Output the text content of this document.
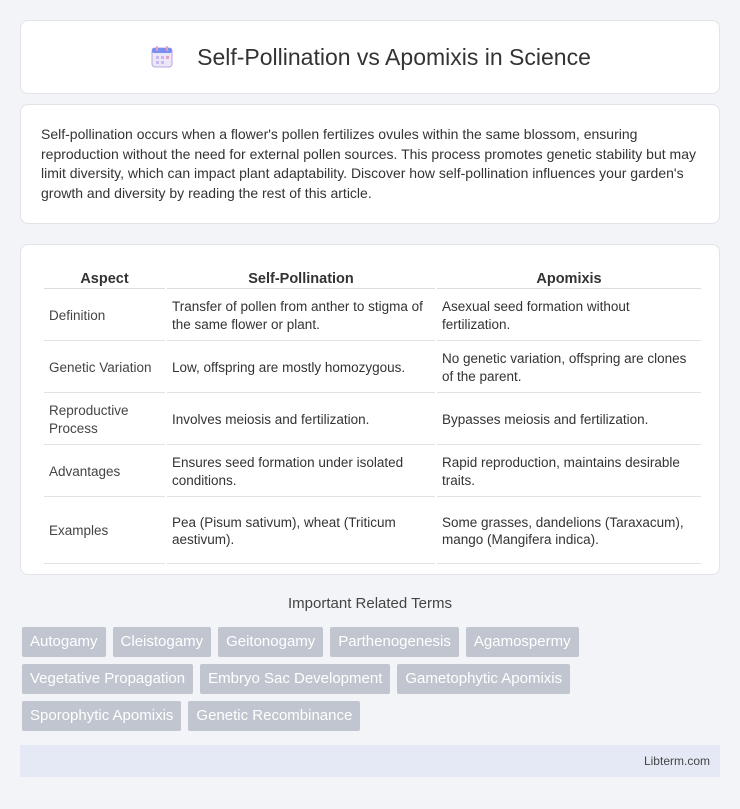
Self-Pollination vs Apomixis in Science

Self-pollination occurs when a flower's pollen fertilizes ovules within the same blossom, ensuring reproduction without the need for external pollen sources. This process promotes genetic stability but may limit diversity, which can impact plant adaptability. Discover how self-pollination influences your garden's growth and diversity by reading the rest of this article.

Aspect	Self-Pollination	Apomixis
Definition	Transfer of pollen from anther to stigma of the same flower or plant.	Asexual seed formation without fertilization.
Genetic Variation	Low, offspring are mostly homozygous.	No genetic variation, offspring are clones of the parent.
Reproductive Process	Involves meiosis and fertilization.	Bypasses meiosis and fertilization.
Advantages	Ensures seed formation under isolated conditions.	Rapid reproduction, maintains desirable traits.
Examples	Pea (Pisum sativum), wheat (Triticum aestivum).	Some grasses, dandelions (Taraxacum), mango (Mangifera indica).
Important Related Terms
Autogamy	Cleistogamy	Geitonogamy	Parthenogenesis	Agamospermy
Vegetative Propagation	Embryo Sac Development	Gametophytic Apomixis
Sporophytic Apomixis	Genetic Recombinance
Libterm.com
